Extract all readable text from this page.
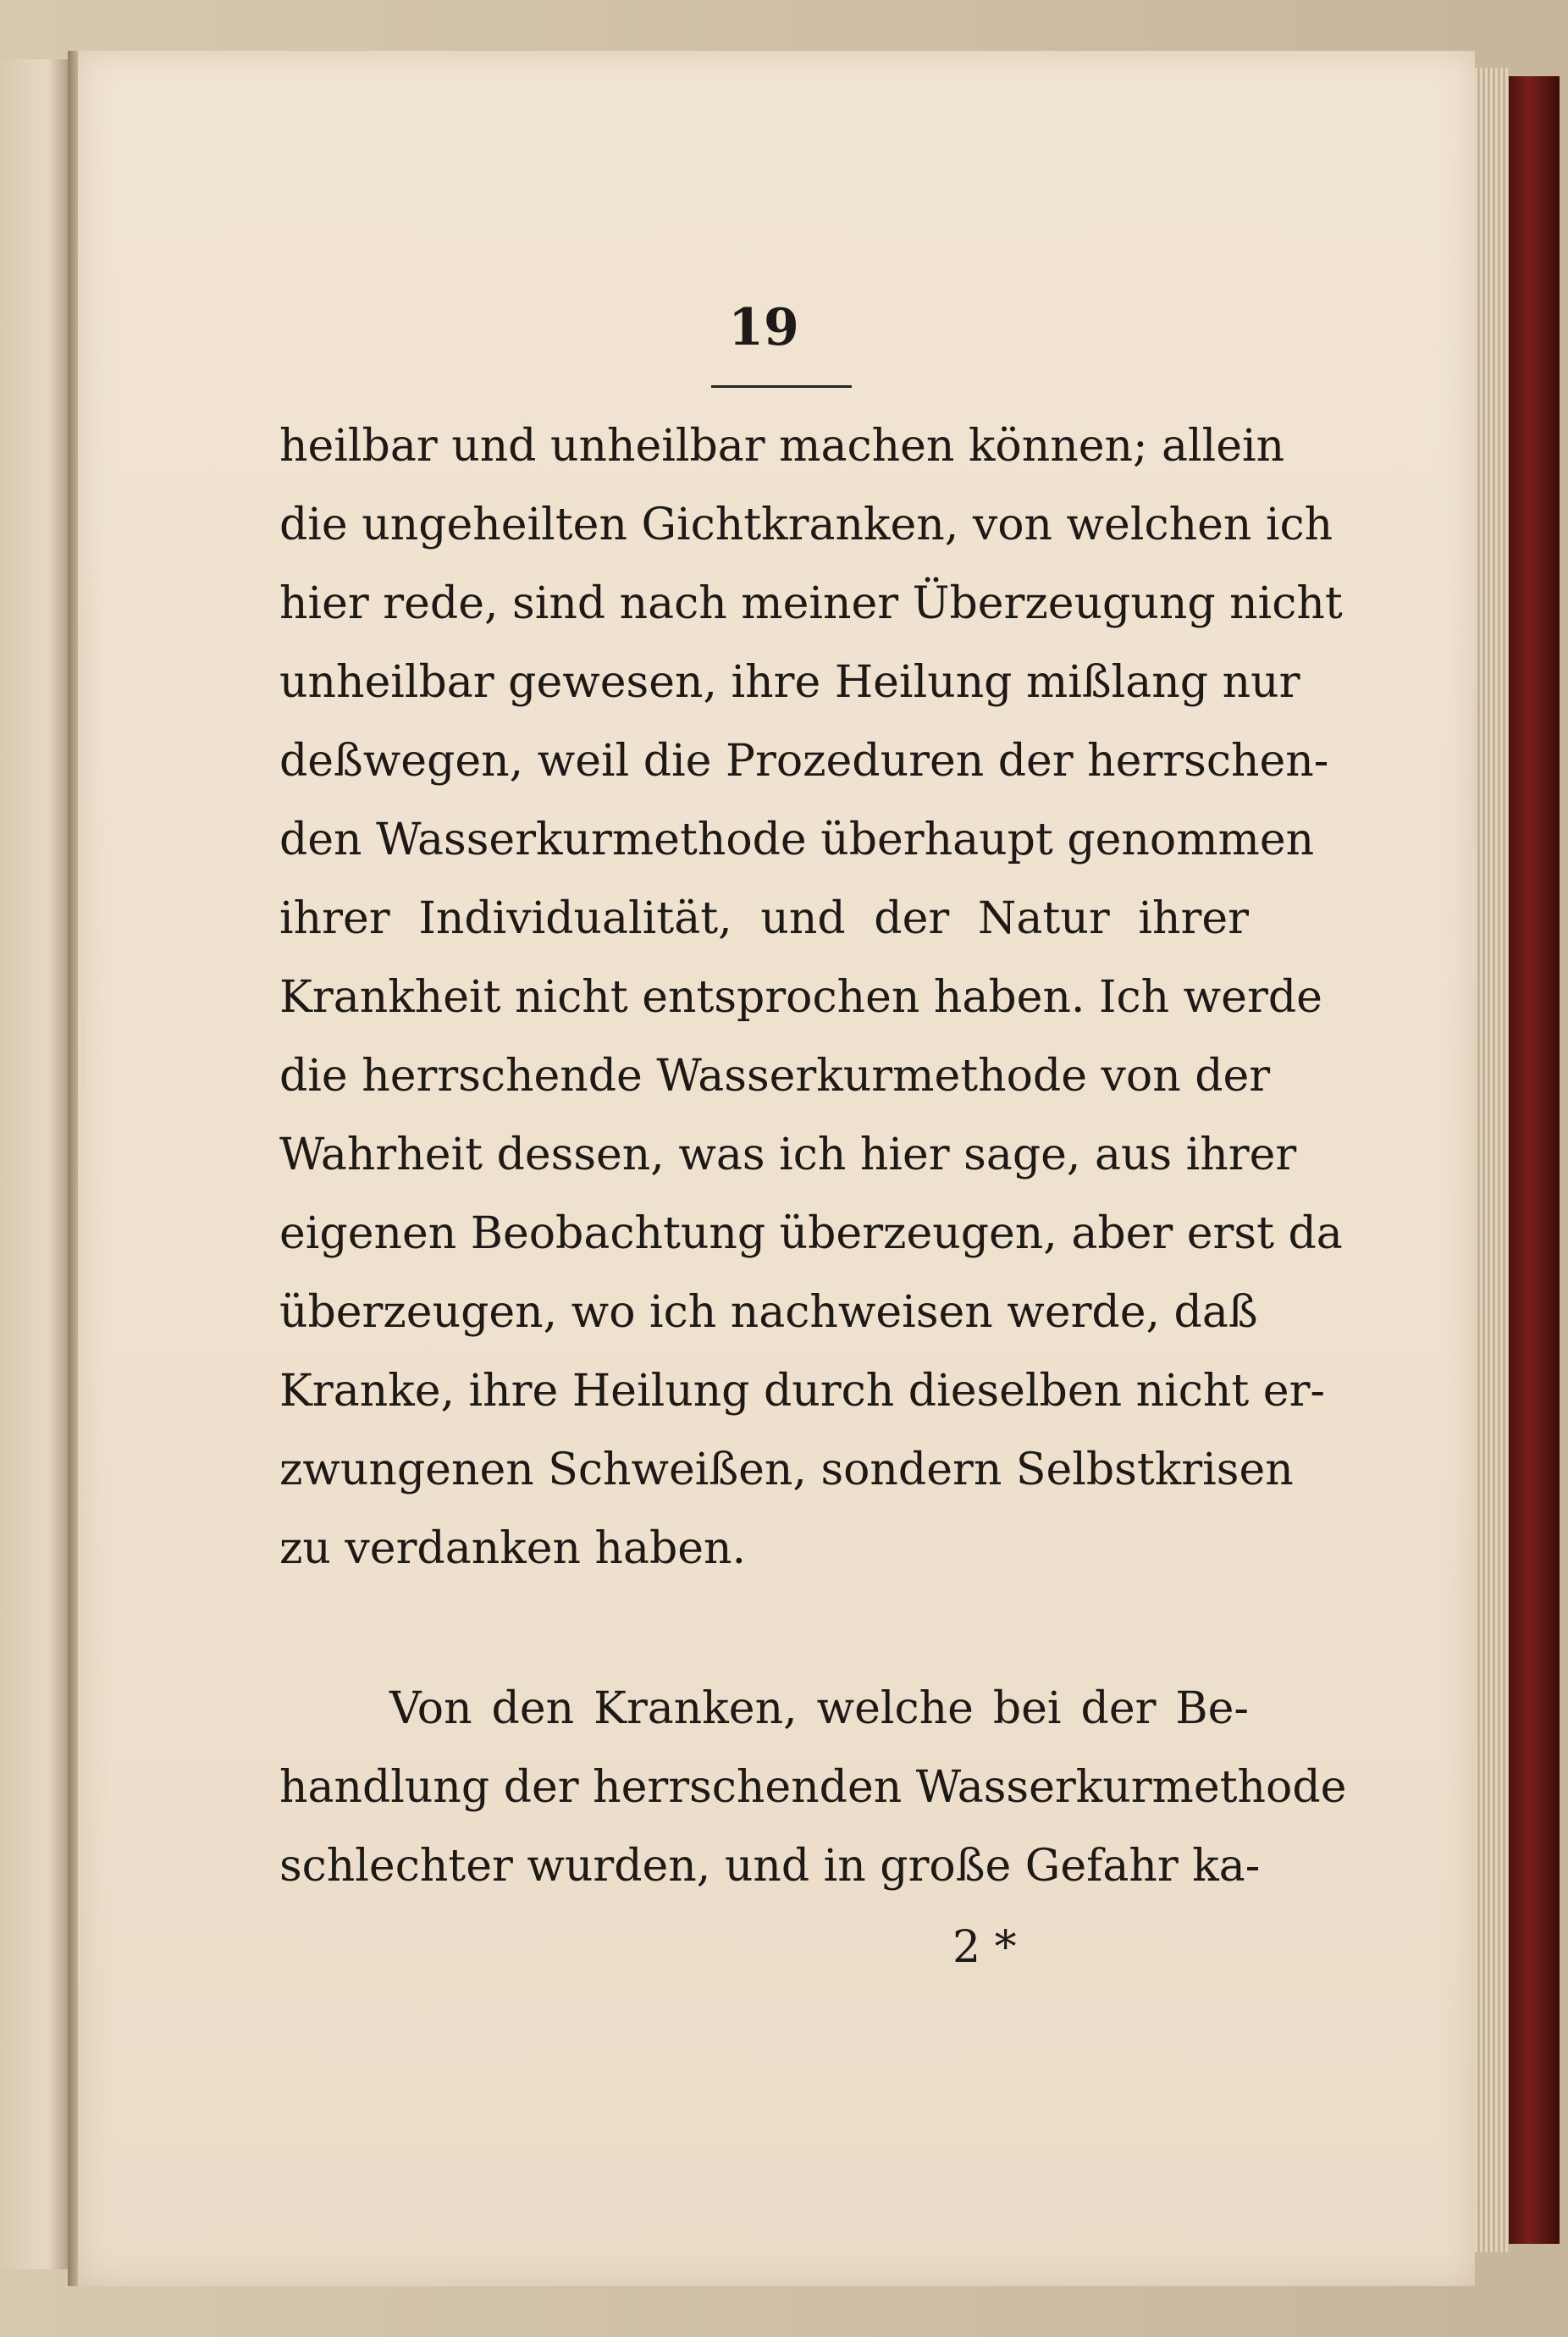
19
heilbar und unheilbar machen können; allein
die ungeheilten Gichtkranken, von welchen ich
hier rede, sind nach meiner Überzeugung nicht
unheilbar gewesen, ihre Heilung mißlang nur
deßwegen, weil die Prozeduren der herrschen-
den Wasserkurmethode überhaupt genommen
ihrer Individualität, und der Natur ihrer
Krankheit nicht entsprochen haben. Ich werde
die herrschende Wasserkurmethode von der
Wahrheit dessen, was ich hier sage, aus ihrer
eigenen Beobachtung überzeugen, aber erst da
überzeugen, wo ich nachweisen werde, daß
Kranke, ihre Heilung durch dieselben nicht er-
zwungenen Schweißen, sondern Selbstkrisen
zu verdanken haben.
Von den Kranken, welche bei der Be-
handlung der herrschenden Wasserkurmethode
schlechter wurden, und in große Gefahr ka-
2 *
